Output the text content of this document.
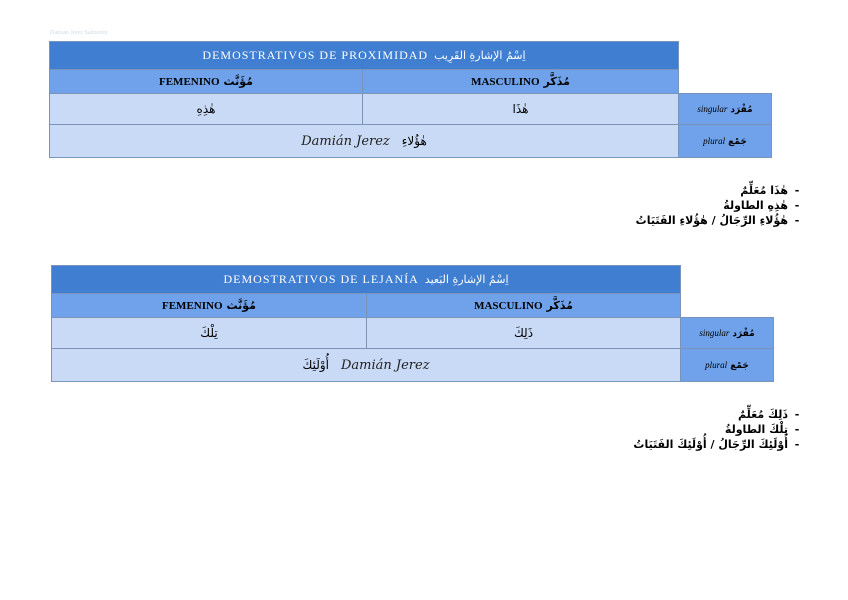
Damián Jerez Salmerón
DEMOSTRATIVOS DE PROXIMIDAD اِسْمُ الإشارةِ القَرِيب		
FEMENINO مُؤَنَّث	MASCULINO مُذَكَّر	
هٰذِهِ	هٰذَا	singular مُفْرَد
Damián Jerez هٰؤُلاءِ		plural جَمْع
-هٰذَا مُعَلِّمٌ
-هٰذِهِ الطاولةُ
-هٰؤُلاءِ الرِّجَالُ / هٰؤُلاءِ الفَتَيَاتُ
DEMOSTRATIVOS DE LEJANÍA اِسْمُ الإشارةِ البَعيد		
FEMENINO مُؤَنَّث	MASCULINO مُذَكَّر	
تِلْكَ	ذَلِكَ	singular مُفْرَد
أُوْلَئِكَ Damián Jerez		plural جَمْع
-ذَلِكَ مُعَلِّمٌ
-تِلْكَ الطاولةُ
-أُوْلَئِكَ الرِّجَالُ / أُوْلَئِكَ الفَتَيَاتُ
